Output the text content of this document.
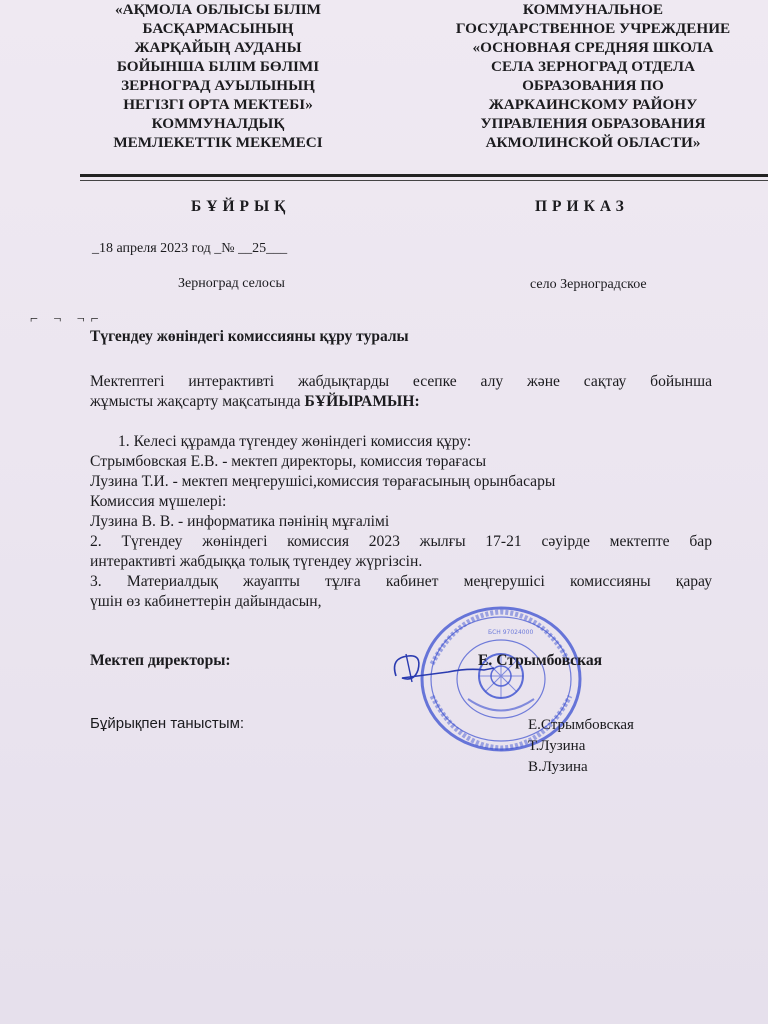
«АҚМОЛА ОБЛЫСЫ БІЛІМ
БАСҚАРМАСЫНЫҢ
ЖАРҚАЙЫҢ АУДАНЫ
БОЙЫНША БІЛІМ БӨЛІМІ
ЗЕРНОГРАД АУЫЛЫНЫҢ
НЕГІЗГІ ОРТА МЕКТЕБІ»
КОММУНАЛДЫҚ
МЕМЛЕКЕТТІК МЕКЕМЕСІ
КОММУНАЛЬНОЕ
ГОСУДАРСТВЕННОЕ УЧРЕЖДЕНИЕ
«ОСНОВНАЯ СРЕДНЯЯ ШКОЛА
СЕЛА ЗЕРНОГРАД ОТДЕЛА
ОБРАЗОВАНИЯ ПО
ЖАРКАИНСКОМУ РАЙОНУ
УПРАВЛЕНИЯ ОБРАЗОВАНИЯ
АКМОЛИНСКОЙ ОБЛАСТИ»
БҰЙРЫҚ	ПРИКАЗ
_18 апреля 2023 год _№ __25___
Зерноград селосы	село Зерноградское
⌐ ¬ ¬⌐
Түгендеу жөніндегі комиссияны құру туралы
Мектептегі интерактивті жабдықтарды есепке алу және сақтау бойынша
жұмысты жақсарту мақсатында БҰЙЫРАМЫН:
1. Келесі құрамда түгендеу жөніндегі комиссия құру:
Стрымбовская Е.В. - мектеп директоры, комиссия төрағасы
Лузина Т.И. - мектеп меңгерушісі,комиссия төрағасының орынбасары
Комиссия мүшелері:
Лузина В. В. - информатика пәнінің мұғалімі
2. Түгендеу жөніндегі комиссия 2023 жылғы 17-21 сәуірде мектепте бар
интерактивті жабдыққа толық түгендеу жүргізсін.
3. Материалдық жауапты тұлға кабинет меңгерушісі комиссияны қарау
үшін өз кабинеттерін дайындасын,
БСН 97024000
Мектеп директоры:	Е. Стрымбовская
Бұйрықпен таныстым:	Е.Стрымбовская
Т.Лузина
В.Лузина
